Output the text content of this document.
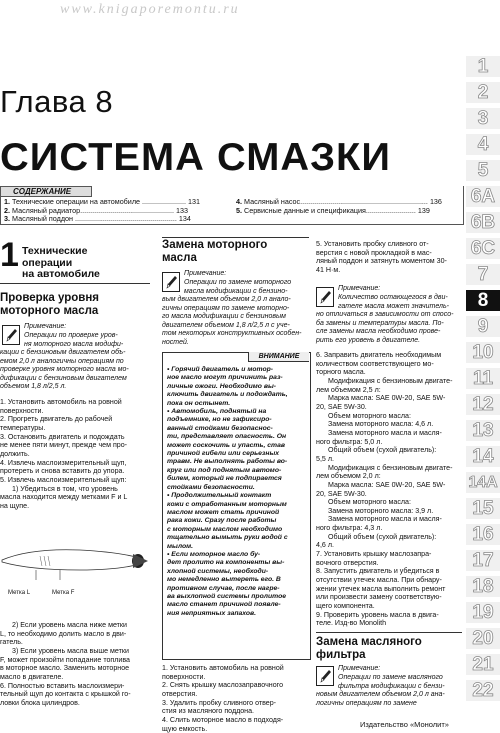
www.knigaporemontu.ru
Глава 8
СИСТЕМА СМАЗКИ
СОДЕРЖАНИЕ
1. Технические операции на автомобиле ...................... 131
2. Масляный радиатор............................................... 133
3. Масляный поддон ................................................... 134
4. Масляный насос................................................................ 136
5. Сервисные данные и спецификация......................... 139
1 Технические
операции
на автомобиле
Проверка уровня
моторного масла
Примечание:
Операции по проверке уров-
ня моторного масла модифи-
кации с бензиновым двигателем объ-
емом 2,0 л аналогичны операциям по
проверке уровня моторного масла мо-
дификации с бензиновым двигателем
объемом 1,8 л/2,5 л.
1. Установить автомобиль на ровной
поверхности.
2. Прогреть двигатель до рабочей
температуры.
3. Остановить двигатель и подождать
не менее пяти минут, прежде чем про-
должить.
4. Извлечь маслоизмерительный щуп,
протереть и снова вставить до упора.
5. Извлечь маслоизмерительный щуп:
1) Убедиться в том, что уровень
масла находится между метками F и L
на щупе.
Метка L	Метка F
2) Если уровень масла ниже метки
L, то необходимо долить масло в дви-
гатель.
3) Если уровень масла выше метки
F, может произойти попадание топлива
в моторное масло. Заменить моторное
масло в двигателе.
6. Полностью вставить маслоизмери-
тельный щуп до контакта с крышкой го-
ловки блока цилиндров.
Замена моторного
масла
Примечание:
Операции по замене моторного
масла модификации с бензино-
вым двигателем объемом 2,0 л анало-
гичны операциям по замене моторно-
го масла модификации с бензиновым
двигателем объемом 1,8 л/2,5 л с уче-
том некоторых конструктивных особен-
ностей.
ВНИМАНИЕ
• Горячий двигатель и мотор-
ное масло могут причинить раз-
личные ожоги. Необходимо вы-
ключить двигатель и подождать,
пока он остынет.
• Автомобиль, поднятый на
подъемнике, но не зафиксиро-
ванный стойками безопаснос-
ти, представляет опасность. Он
может соскочить и упасть, став
причиной гибели или серьезных
травм. Не выполнять работы во-
круг или под поднятым автомо-
билем, который не подпирается
стойками безопасности.
• Продолжительный контакт
кожи с отработанным моторным
маслом может стать причиной
рака кожи. Сразу после работы
с моторным маслом необходимо
тщательно вымыть руки водой с
мылом.
• Если моторное масло бу-
дет пролито на компоненты вы-
хлопной системы, необходи-
мо немедленно вытереть его. В
противном случае, после нагре-
ва выхлопной системы пролитое
масло станет причиной появле-
ния неприятных запахов.
1. Установить автомобиль на ровной
поверхности.
2. Снять крышку маслозаправочного
отверстия.
3. Удалить пробку сливного отвер-
стия из масляного поддона.
4. Слить моторное масло в подходя-
щую емкость.
5. Установить пробку сливного от-
верстия с новой прокладкой в мас-
ляный поддон и затянуть моментом 30-
41 Н·м.
Примечание:
Количество остающегося в дви-
гателе масла может значитель-
но отличаться в зависимости от спосо-
ба замены и температуры масла. По-
сле замены масла необходимо прове-
рить его уровень в двигателе.
6. Заправить двигатель необходимым
количеством соответствующего мо-
торного масла.
Модификация с бензиновым двигате-
лем объемом 2,5 л:
Марка масла: SAE 0W-20, SAE 5W-
20, SAE 5W-30.
Объем моторного масла:
Замена моторного масла: 4,6 л.
Замена моторного масла и масля-
ного фильтра: 5,0 л.
Общий объем (сухой двигатель):
5,5 л.
Модификация с бензиновым двигате-
лем объемом 2,0 л:
Марка масла: SAE 0W-20, SAE 5W-
20, SAE 5W-30.
Объем моторного масла:
Замена моторного масла: 3,9 л.
Замена моторного масла и масля-
ного фильтра: 4,3 л.
Общий объем (сухой двигатель):
4,6 л.
7. Установить крышку маслозапра-
вочного отверстия.
8. Запустить двигатель и убедиться в
отсутствии утечек масла. При обнару-
жении утечек масла выполнить ремонт
или произвести замену соответствую-
щего компонента.
9. Проверить уровень масла в двига-
теле. Изд-во Monolith
Замена масляного
фильтра
Примечание:
Операции по замене масляного
фильтра модификации с бензи-
новым двигателем объемом 2,0 л ана-
логичны операциям по замене
1
2
3
4
5
6A
6B
6C
7
8
9
10
11
12
13
14
14A
15
16
17
18
19
20
21
22
Издательство «Монолит»
